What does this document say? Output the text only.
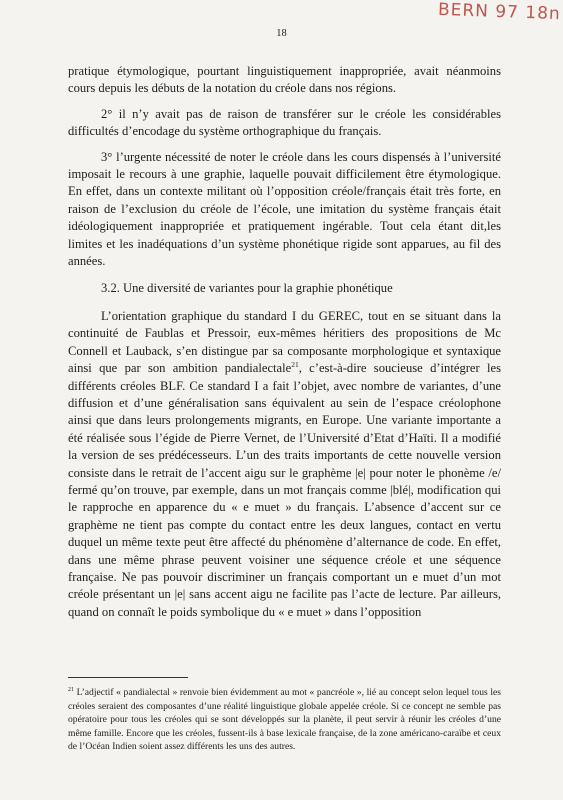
BERN 97 18n
18

pratique étymologique, pourtant linguistiquement inappropriée, avait néanmoins cours depuis les débuts de la notation du créole dans nos régions.

2° il n’y avait pas de raison de transférer sur le créole les considérables difficultés d’encodage du système orthographique du français.

3° l’urgente nécessité de noter le créole dans les cours dispensés à l’université imposait le recours à une graphie, laquelle pouvait difficilement être étymologique. En effet, dans un contexte militant où l’opposition créole/français était très forte, en raison de l’exclusion du créole de l’école, une imitation du système français était idéologiquement inappropriée et pratiquement ingérable. Tout cela étant dit,les limites et les inadéquations d’un système phonétique rigide sont apparues, au fil des années.

3.2. Une diversité de variantes pour la graphie phonétique

L’orientation graphique du standard I du GEREC, tout en se situant dans la continuité de Faublas et Pressoir, eux-mêmes héritiers des propositions de Mc Connell et Lauback, s’en distingue par sa composante morphologique et syntaxique ainsi que par son ambition pandialectale$^{21}$, c’est-à-dire soucieuse d’intégrer les différents créoles BLF. Ce standard I a fait l’objet, avec nombre de variantes, d’une diffusion et d’une généralisation sans équivalent au sein de l’espace créolophone ainsi que dans leurs prolongements migrants, en Europe. Une variante importante a été réalisée sous l’égide de Pierre Vernet, de l’Université d’Etat d’Haïti. Il a modifié la version de ses prédécesseurs. L’un des traits importants de cette nouvelle version consiste dans le retrait de l’accent aigu sur le graphème |e| pour noter le phonème /e/ fermé qu’on trouve, par exemple, dans un mot français comme |blé|, modification qui le rapproche en apparence du « e muet » du français. L’absence d’accent sur ce graphème ne tient pas compte du contact entre les deux langues, contact en vertu duquel un même texte peut être affecté du phénomène d’alternance de code. En effet, dans une même phrase peuvent voisiner une séquence créole et une séquence française. Ne pas pouvoir discriminer un français comportant un e muet d’un mot créole présentant un |e| sans accent aigu ne facilite pas l’acte de lecture. Par ailleurs, quand on connaît le poids symbolique du « e muet » dans l’opposition

$^{21}$ L’adjectif « pandialectal » renvoie bien évidemment au mot « pancréole », lié au concept selon lequel tous les créoles seraient des composantes d’une réalité linguistique globale appelée créole. Si ce concept ne semble pas opératoire pour tous les créoles qui se sont développés sur la planète, il peut servir à réunir les créoles d’une même famille. Encore que les créoles, fussent-ils à base lexicale française, de la zone américano-caraïbe et ceux de l’Océan Indien soient assez différents les uns des autres.
